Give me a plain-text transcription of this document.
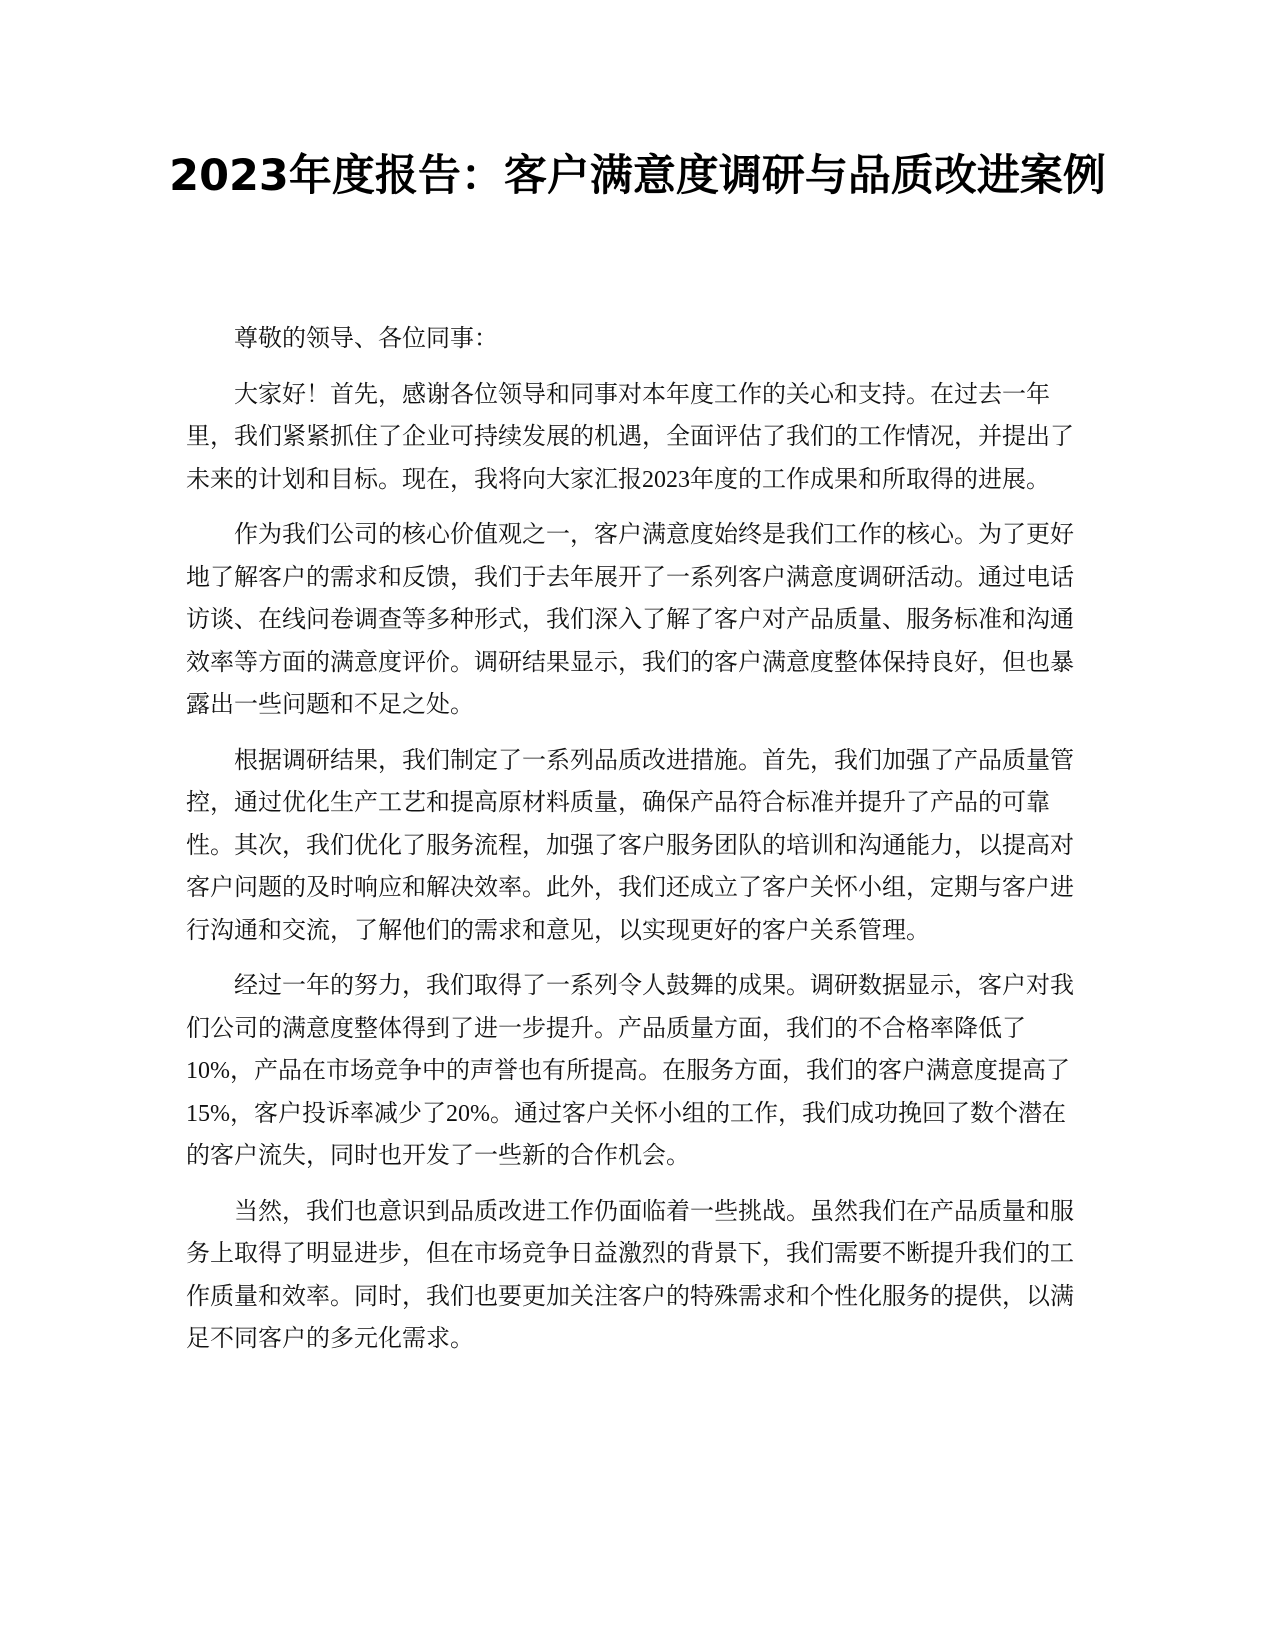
2023年度报告：客户满意度调研与品质改进案例

尊敬的领导、各位同事：

大家好！首先，感谢各位领导和同事对本年度工作的关心和支持。在过去一年里，我们紧紧抓住了企业可持续发展的机遇，全面评估了我们的工作情况，并提出了未来的计划和目标。现在，我将向大家汇报2023年度的工作成果和所取得的进展。

作为我们公司的核心价值观之一，客户满意度始终是我们工作的核心。为了更好地了解客户的需求和反馈，我们于去年展开了一系列客户满意度调研活动。通过电话访谈、在线问卷调查等多种形式，我们深入了解了客户对产品质量、服务标准和沟通效率等方面的满意度评价。调研结果显示，我们的客户满意度整体保持良好，但也暴露出一些问题和不足之处。

根据调研结果，我们制定了一系列品质改进措施。首先，我们加强了产品质量管控，通过优化生产工艺和提高原材料质量，确保产品符合标准并提升了产品的可靠性。其次，我们优化了服务流程，加强了客户服务团队的培训和沟通能力，以提高对客户问题的及时响应和解决效率。此外，我们还成立了客户关怀小组，定期与客户进行沟通和交流，了解他们的需求和意见，以实现更好的客户关系管理。

经过一年的努力，我们取得了一系列令人鼓舞的成果。调研数据显示，客户对我们公司的满意度整体得到了进一步提升。产品质量方面，我们的不合格率降低了10%，产品在市场竞争中的声誉也有所提高。在服务方面，我们的客户满意度提高了15%，客户投诉率减少了20%。通过客户关怀小组的工作，我们成功挽回了数个潜在的客户流失，同时也开发了一些新的合作机会。

当然，我们也意识到品质改进工作仍面临着一些挑战。虽然我们在产品质量和服务上取得了明显进步，但在市场竞争日益激烈的背景下，我们需要不断提升我们的工作质量和效率。同时，我们也要更加关注客户的特殊需求和个性化服务的提供，以满足不同客户的多元化需求。
